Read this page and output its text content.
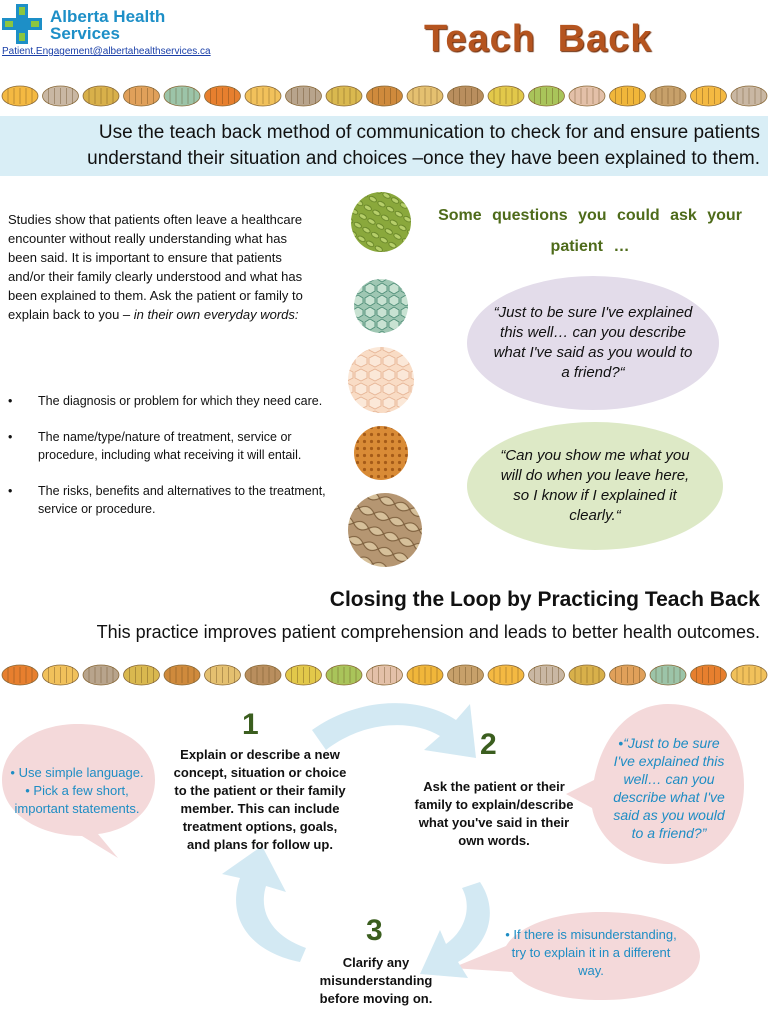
Alberta Health
Services
Patient.Engagement@albertahealthservices.ca	Teach Back
Use the teach back method of communication to check for and ensure patients
understand their situation and choices –once they have been explained to them.
Studies show that patients often leave a healthcare encounter without really understanding what has been said. It is important to ensure that patients and/or their family clearly understood and what has been explained to them. Ask the patient or family to explain back to you – in their own everyday words:
• The diagnosis or problem for which they need care.
• The name/type/nature of treatment, service or procedure, including what receiving it will entail.
• The risks, benefits and alternatives to the treatment, service or procedure.
Some questions you could ask your
patient …
“Just to be sure I've explained this well… can you describe what I've said as you would to a friend?“
“Can you show me what you will do when you leave here, so I know if I explained it clearly.“
Closing the Loop by Practicing Teach Back
This practice improves patient comprehension and leads to better health outcomes.
1
Explain or describe a new concept, situation or choice to the patient or their family member. This can include treatment options, goals, and plans for follow up.
2
Ask the patient or their family to explain/describe what you've said in their own words.
3
Clarify any misunderstanding before moving on.
• Use simple language.
• Pick a few short, important statements.
•“Just to be sure I've explained this well… can you describe what I've said as you would to a friend?”
• If there is misunderstanding, try to explain it in a different way.
